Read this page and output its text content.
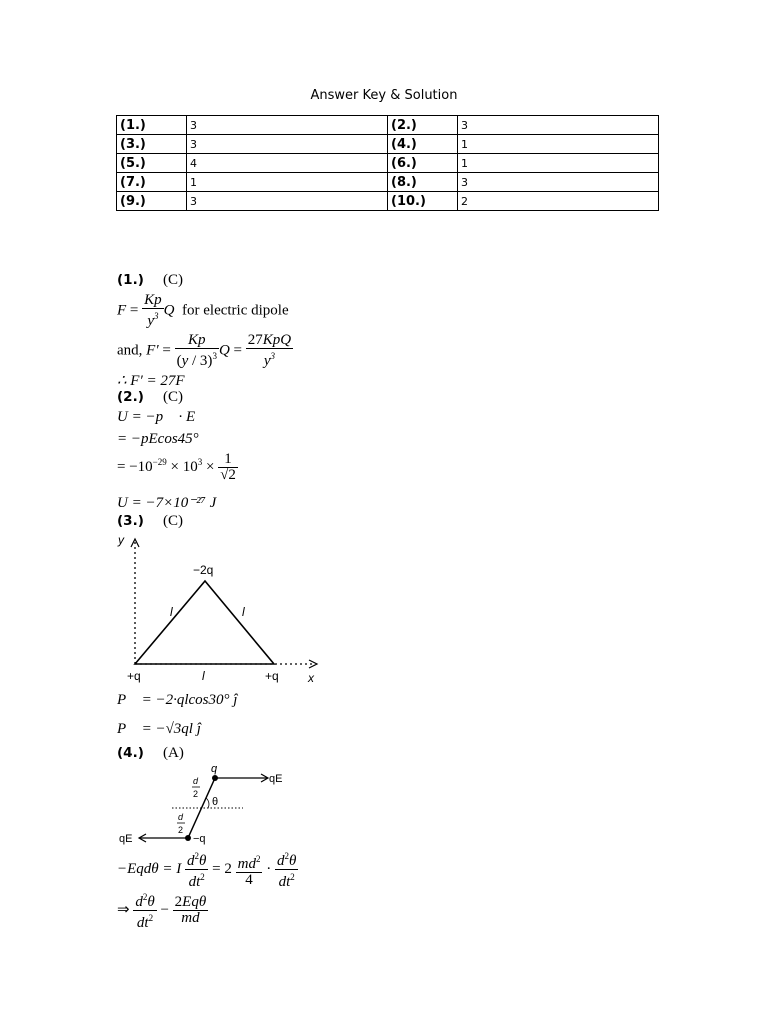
Answer Key & Solution
(1.)	3	(2.)	3
(3.)	3	(4.)	1
(5.)	4	(6.)	1
(7.)	1	(8.)	3
(9.)	3	(10.)	2
(1.) (C)
$F = \frac{Kp}{y^3}$ Q for electric dipole
and, $F' = \frac{Kp}{(y / 3)^3}$ $Q = \frac{\text{27KpQ}}{y^3}$
∴ F′ = 27F
(2.) (C)
U = −p⃗ · E⃗
= −pEcos45°
= $-10^{-29} \times 10^3 \times \frac{1}{√2}$
U = −7×10⁻²⁷ J
(3.) (C)
y
x
−2q
+q	+q
l	l
l
P⃗ = −2·qlcos30° ĵ
P⃗ = −√3ql ĵ
(4.) (A)
q
qE
qE	−q
θ
d
2
d
2
−Eqdθ = I $\frac{d^2\theta}{dt^2} = 2 \frac{md^2}{4} \cdot \frac{d^2\theta}{dt^2}$
⇒ $\frac{d^2\theta}{dt^2} - \frac{\text{2Eqθ}}{md}$
